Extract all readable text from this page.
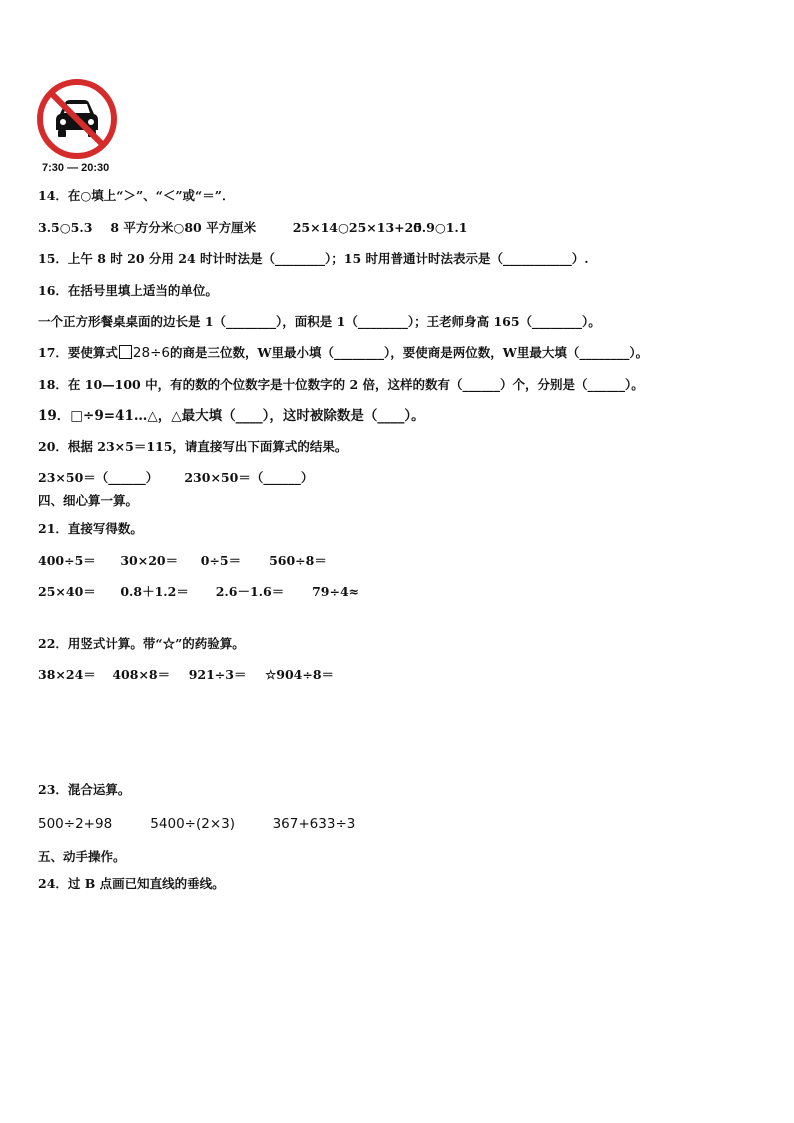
7:30 — 20:30
14．在○填上“＞”、“＜”或“＝”．
3.5○5.3 8 平方分米○80 平方厘米	25×14○25×13+25 0.9○1.1
15．上午 8 时 20 分用 24 时计时法是（________）；15 时用普通计时法表示是（___________）.
16．在括号里填上适当的单位。
一个正方形餐桌桌面的边长是 1（________），面积是 1（________）；王老师身高 165（________）。
17．要使算式 28÷6的商是三位数，W里最小填（________），要使商是两位数，W里最大填（________）。
18．在 10—100 中，有的数的个位数字是十位数字的 2 倍，这样的数有（______）个，分别是（______）。
19．□÷9=41…△，△最大填（____），这时被除数是（____）。
20．根据 23×5＝115，请直接写出下面算式的结果。
23×50＝（______） 230×50＝（______）
四、细心算一算。
21．直接写得数。
400÷5＝ 30×20＝ 0÷5＝ 560÷8＝
25×40＝ 0.8＋1.2＝ 2.6－1.6＝ 79÷4≈
22．用竖式计算。带“☆”的药验算。
38×24＝ 408×8＝ 921÷3＝ ☆904÷8＝
23．混合运算。
500÷2+98	5400÷(2×3)	367+633÷3
五、动手操作。
24．过 B 点画已知直线的垂线。
